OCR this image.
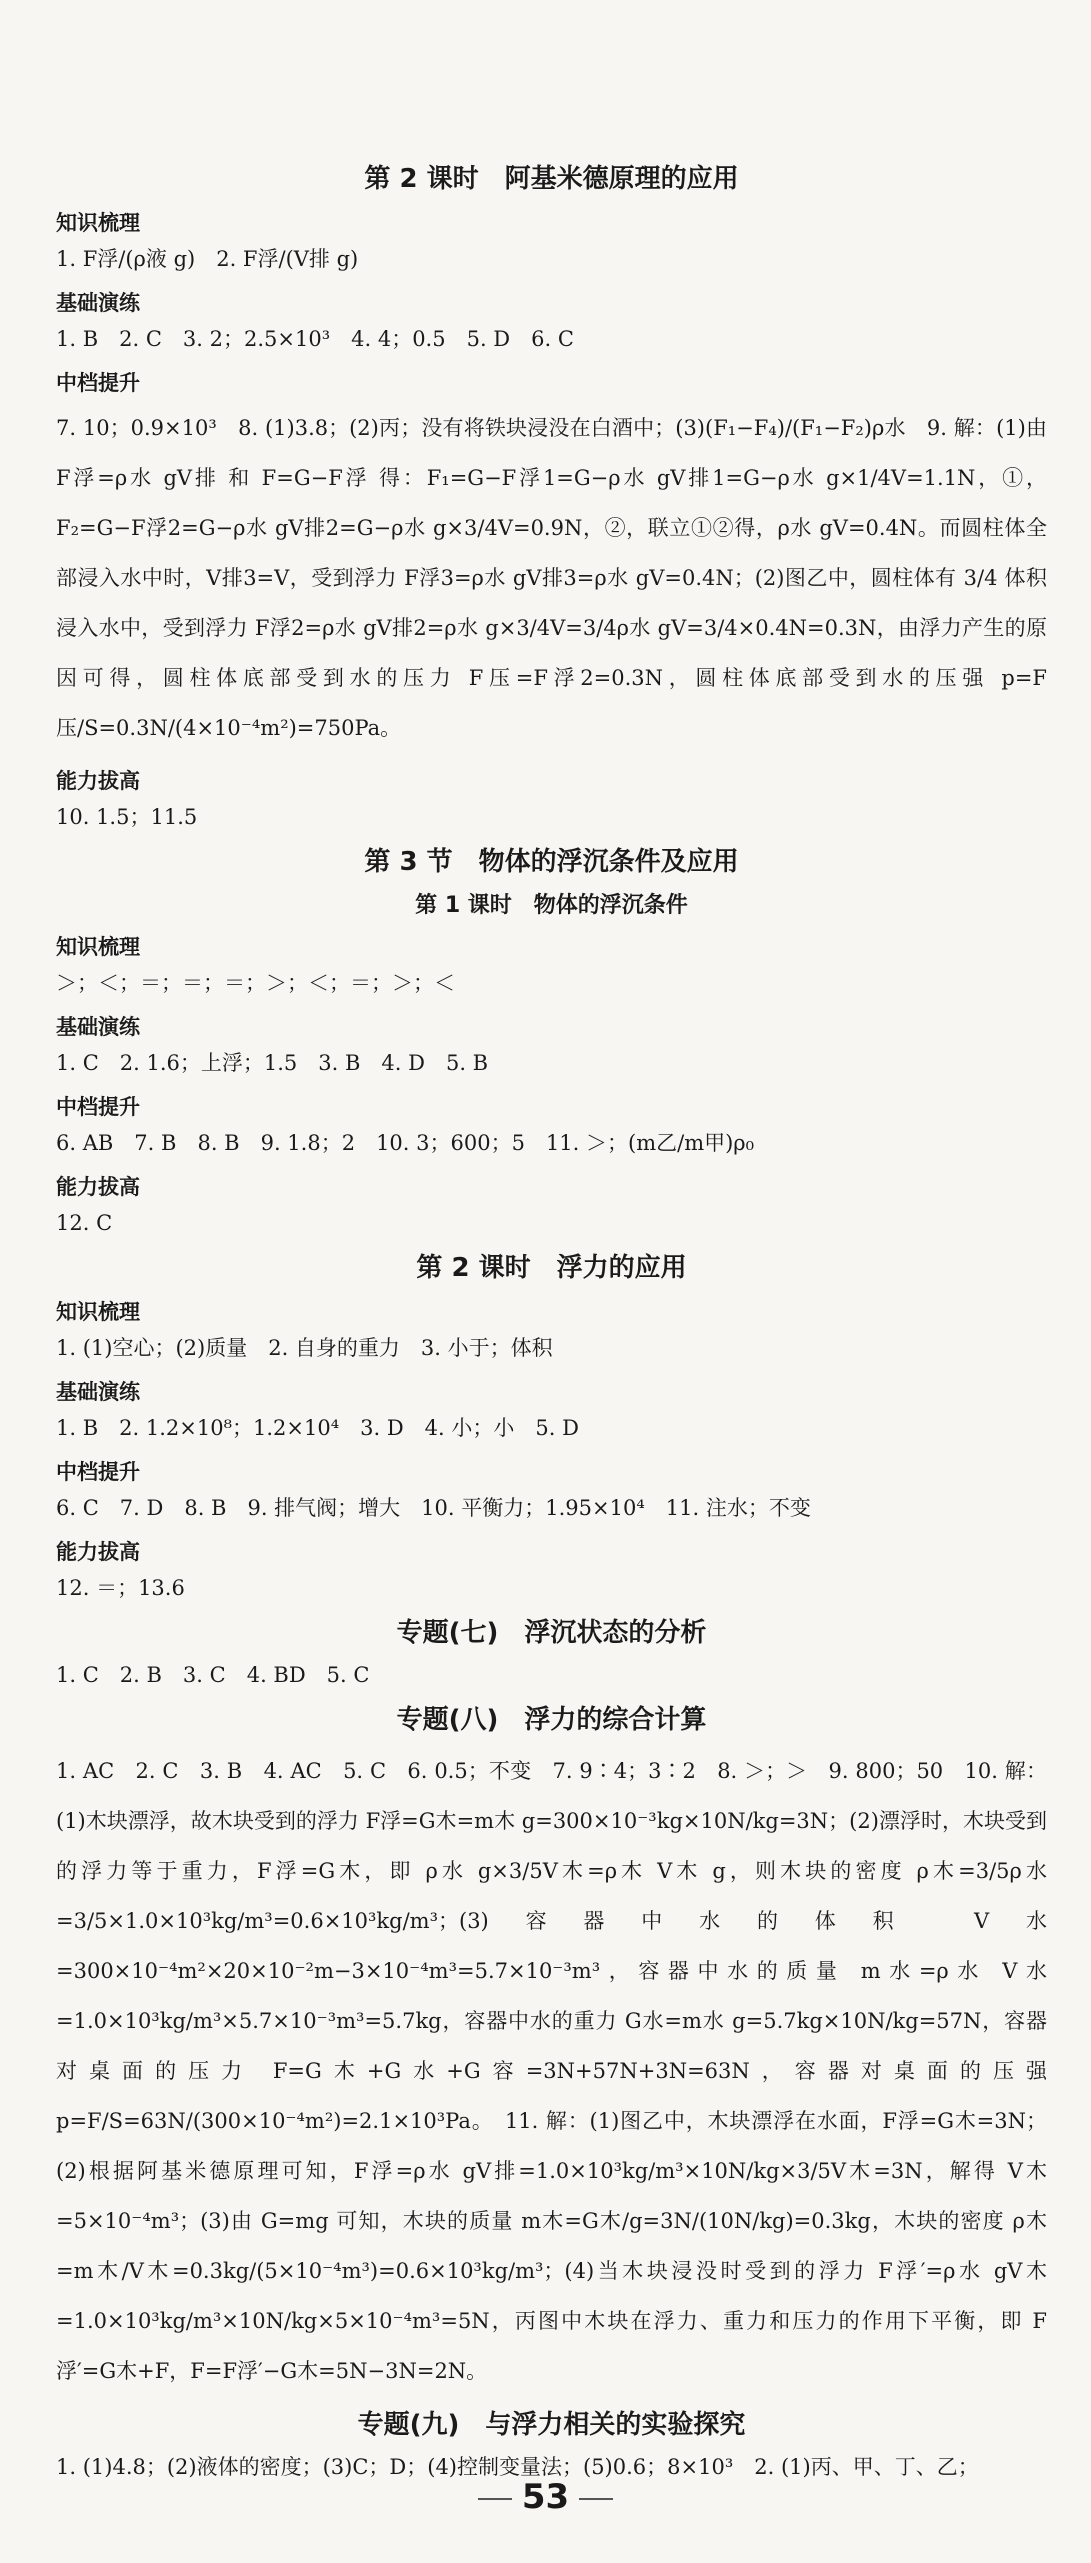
第 2 课时　阿基米德原理的应用
知识梳理
1. F浮/(ρ液 g)　2. F浮/(V排 g)
基础演练
1. B　2. C　3. 2；2.5×10³　4. 4；0.5　5. D　6. C
中档提升
7. 10；0.9×10³　8. (1)3.8；(2)丙；没有将铁块浸没在白酒中；(3)(F₁−F₄)/(F₁−F₂)ρ水　9. 解：(1)由 F浮=ρ水 gV排 和 F=G−F浮 得：F₁=G−F浮1=G−ρ水 gV排1=G−ρ水 g×1/4V=1.1N，①，F₂=G−F浮2=G−ρ水 gV排2=G−ρ水 g×3/4V=0.9N，②，联立①②得，ρ水 gV=0.4N。而圆柱体全部浸入水中时，V排3=V，受到浮力 F浮3=ρ水 gV排3=ρ水 gV=0.4N；(2)图乙中，圆柱体有 3/4 体积浸入水中，受到浮力 F浮2=ρ水 gV排2=ρ水 g×3/4V=3/4ρ水 gV=3/4×0.4N=0.3N，由浮力产生的原因可得，圆柱体底部受到水的压力 F压=F浮2=0.3N，圆柱体底部受到水的压强 p=F压/S=0.3N/(4×10⁻⁴m²)=750Pa。
能力拔高
10. 1.5；11.5
第 3 节　物体的浮沉条件及应用
第 1 课时　物体的浮沉条件
知识梳理
＞；＜；＝；＝；＝；＞；＜；＝；＞；＜
基础演练
1. C　2. 1.6；上浮；1.5　3. B　4. D　5. B
中档提升
6. AB　7. B　8. B　9. 1.8；2　10. 3；600；5　11. ＞；(m乙/m甲)ρ₀
能力拔高
12. C
第 2 课时　浮力的应用
知识梳理
1. (1)空心；(2)质量　2. 自身的重力　3. 小于；体积
基础演练
1. B　2. 1.2×10⁸；1.2×10⁴　3. D　4. 小；小　5. D
中档提升
6. C　7. D　8. B　9. 排气阀；增大　10. 平衡力；1.95×10⁴　11. 注水；不变
能力拔高
12. ＝；13.6
专题(七)　浮沉状态的分析
1. C　2. B　3. C　4. BD　5. C
专题(八)　浮力的综合计算
1. AC　2. C　3. B　4. AC　5. C　6. 0.5；不变　7. 9∶4；3∶2　8. ＞；＞　9. 800；50　10. 解：(1)木块漂浮，故木块受到的浮力 F浮=G木=m木 g=300×10⁻³kg×10N/kg=3N；(2)漂浮时，木块受到的浮力等于重力，F浮=G木，即 ρ水 g×3/5V木=ρ木 V木 g，则木块的密度 ρ木=3/5ρ水=3/5×1.0×10³kg/m³=0.6×10³kg/m³；(3)容器中水的体积 V水=300×10⁻⁴m²×20×10⁻²m−3×10⁻⁴m³=5.7×10⁻³m³，容器中水的质量 m水=ρ水 V水=1.0×10³kg/m³×5.7×10⁻³m³=5.7kg，容器中水的重力 G水=m水 g=5.7kg×10N/kg=57N，容器对桌面的压力 F=G木+G水+G容=3N+57N+3N=63N，容器对桌面的压强 p=F/S=63N/(300×10⁻⁴m²)=2.1×10³Pa。　11. 解：(1)图乙中，木块漂浮在水面，F浮=G木=3N；(2)根据阿基米德原理可知，F浮=ρ水 gV排=1.0×10³kg/m³×10N/kg×3/5V木=3N，解得 V木=5×10⁻⁴m³；(3)由 G=mg 可知，木块的质量 m木=G木/g=3N/(10N/kg)=0.3kg，木块的密度 ρ木=m木/V木=0.3kg/(5×10⁻⁴m³)=0.6×10³kg/m³；(4)当木块浸没时受到的浮力 F浮′=ρ水 gV木=1.0×10³kg/m³×10N/kg×5×10⁻⁴m³=5N，丙图中木块在浮力、重力和压力的作用下平衡，即 F浮′=G木+F，F=F浮′−G木=5N−3N=2N。
专题(九)　与浮力相关的实验探究
1. (1)4.8；(2)液体的密度；(3)C；D；(4)控制变量法；(5)0.6；8×10³　2. (1)丙、甲、丁、乙；
53
